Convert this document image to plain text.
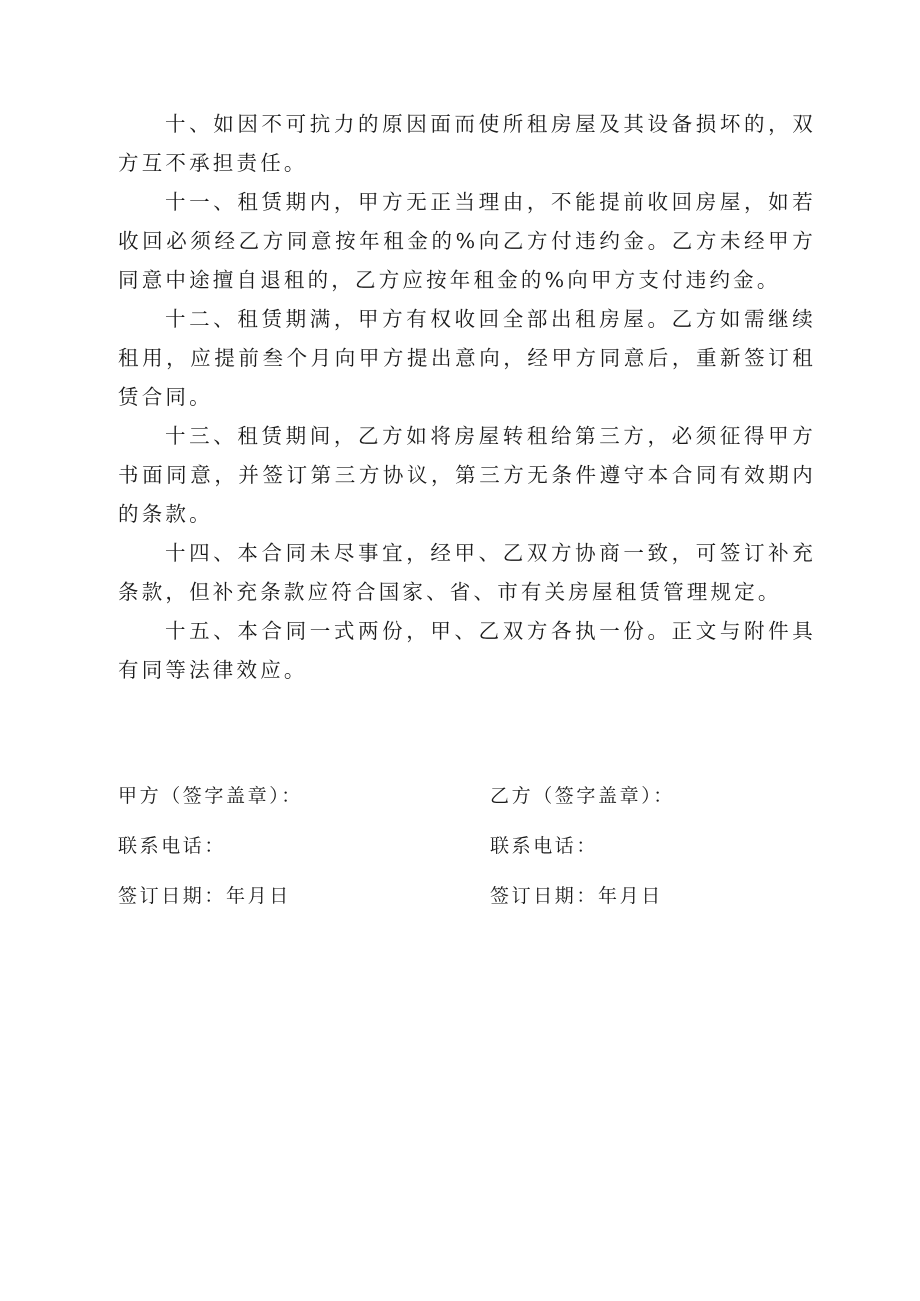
十、如因不可抗力的原因面而使所租房屋及其设备损坏的，双方互不承担责任。

十一、租赁期内，甲方无正当理由，不能提前收回房屋，如若收回必须经乙方同意按年租金的%向乙方付违约金。乙方未经甲方同意中途擅自退租的，乙方应按年租金的%向甲方支付违约金。

十二、租赁期满，甲方有权收回全部出租房屋。乙方如需继续租用，应提前叁个月向甲方提出意向，经甲方同意后，重新签订租赁合同。

十三、租赁期间，乙方如将房屋转租给第三方，必须征得甲方书面同意，并签订第三方协议，第三方无条件遵守本合同有效期内的条款。

十四、本合同未尽事宜，经甲、乙双方协商一致，可签订补充条款，但补充条款应符合国家、省、市有关房屋租赁管理规定。

十五、本合同一式两份，甲、乙双方各执一份。正文与附件具有同等法律效应。

甲方（签字盖章）：	乙方（签字盖章）：
联系电话：	联系电话：
签订日期：年月日	签订日期：年月日
